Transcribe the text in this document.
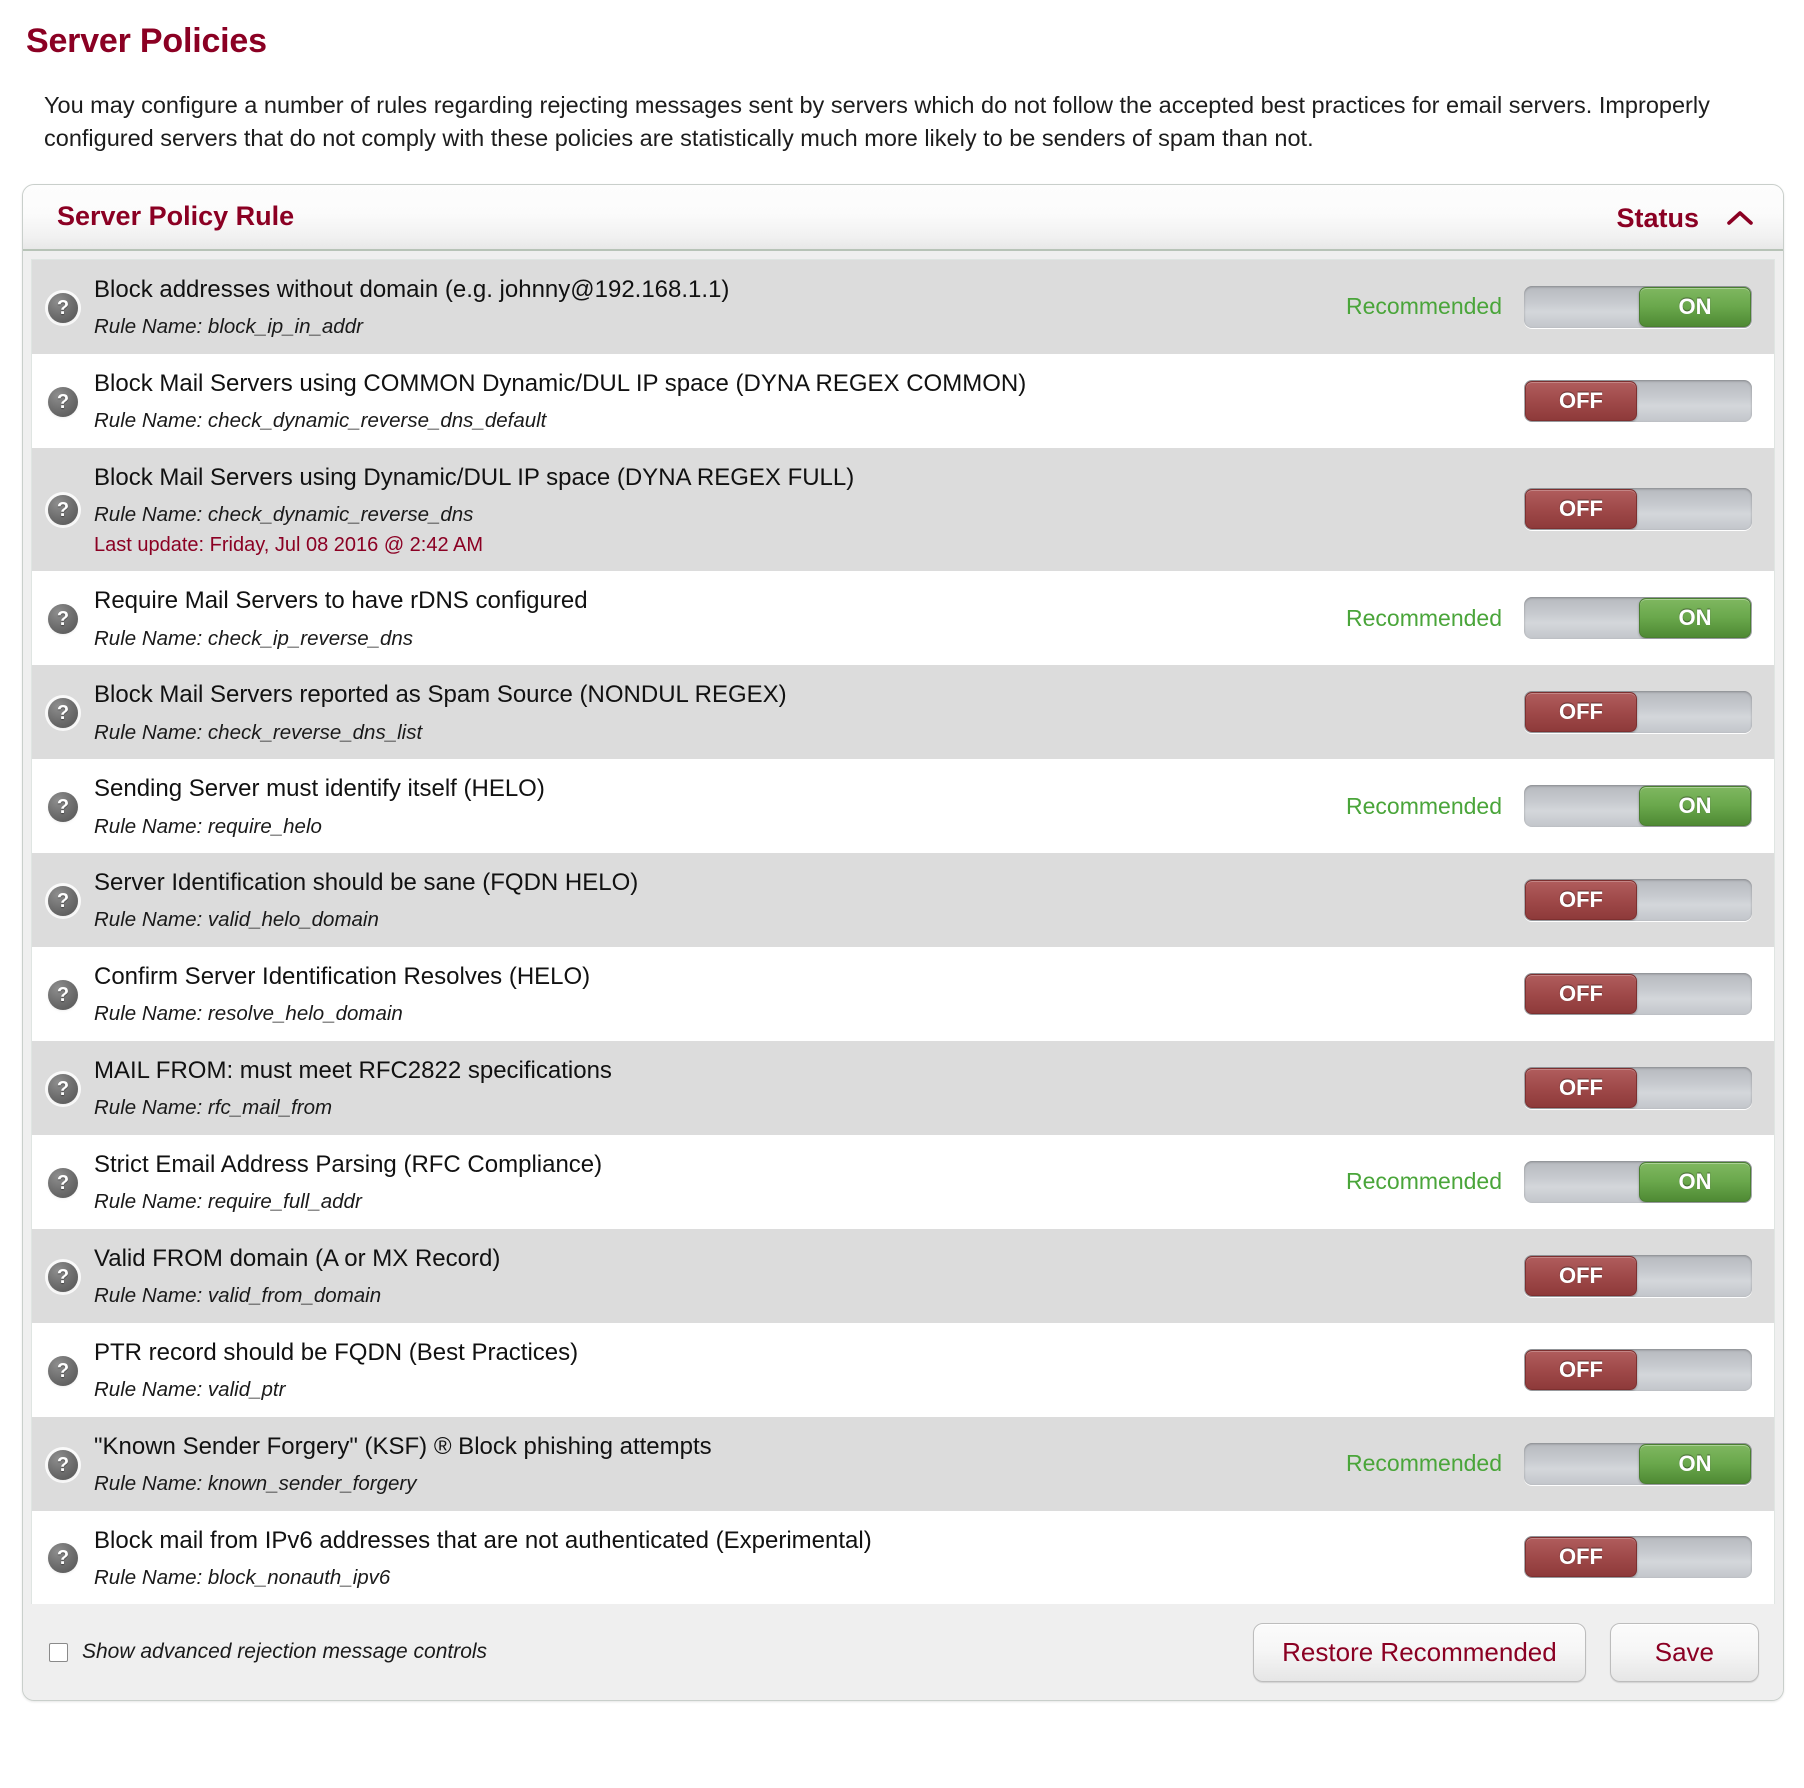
Server Policies

You may configure a number of rules regarding rejecting messages sent by servers which do not follow the accepted best practices for email servers. Improperly configured servers that do not comply with these policies are statistically much more likely to be senders of spam than not.

Server Policy Rule	Status
?
Block addresses without domain (e.g. johnny@192.168.1.1)
Rule Name: block_ip_in_addr
Recommended	ON
?
Block Mail Servers using COMMON Dynamic/DUL IP space (DYNA REGEX COMMON)
Rule Name: check_dynamic_reverse_dns_default
OFF
?
Block Mail Servers using Dynamic/DUL IP space (DYNA REGEX FULL)
Rule Name: check_dynamic_reverse_dns
Last update: Friday, Jul 08 2016 @ 2:42 AM
OFF
?
Require Mail Servers to have rDNS configured
Rule Name: check_ip_reverse_dns
Recommended	ON
?
Block Mail Servers reported as Spam Source (NONDUL REGEX)
Rule Name: check_reverse_dns_list
OFF
?
Sending Server must identify itself (HELO)
Rule Name: require_helo
Recommended	ON
?
Server Identification should be sane (FQDN HELO)
Rule Name: valid_helo_domain
OFF
?
Confirm Server Identification Resolves (HELO)
Rule Name: resolve_helo_domain
OFF
?
MAIL FROM: must meet RFC2822 specifications
Rule Name: rfc_mail_from
OFF
?
Strict Email Address Parsing (RFC Compliance)
Rule Name: require_full_addr
Recommended	ON
?
Valid FROM domain (A or MX Record)
Rule Name: valid_from_domain
OFF
?
PTR record should be FQDN (Best Practices)
Rule Name: valid_ptr
OFF
?
"Known Sender Forgery" (KSF) ® Block phishing attempts
Rule Name: known_sender_forgery
Recommended	ON
?
Block mail from IPv6 addresses that are not authenticated (Experimental)
Rule Name: block_nonauth_ipv6
OFF
Show advanced rejection message controls	Restore Recommended	Save
